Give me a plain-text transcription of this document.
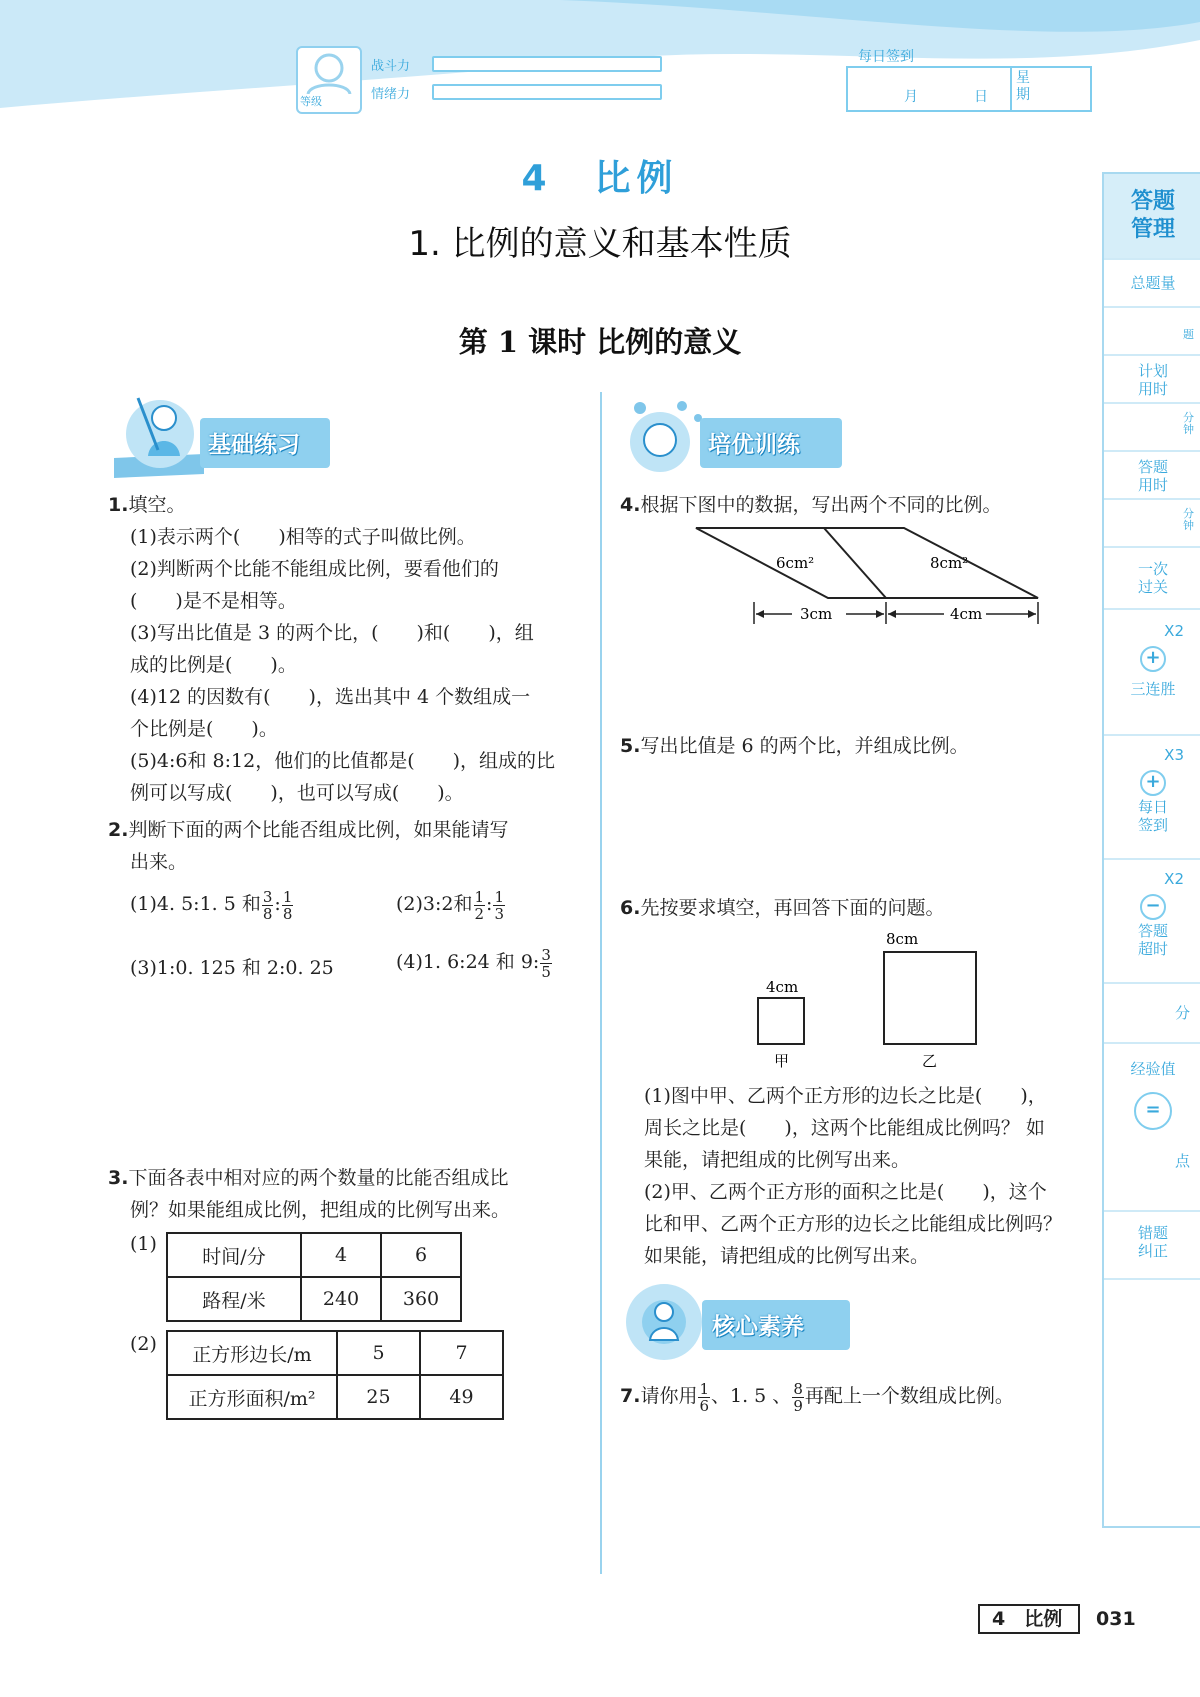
等级
战斗力
情绪力
每日签到
月	日
星
期
4　比例
1. 比例的意义和基本性质
第 1 课时 比例的意义
基础练习
1.填空。
(1)表示两个(　　)相等的式子叫做比例。
(2)判断两个比能不能组成比例，要看他们的
(　　)是不是相等。
(3)写出比值是 3 的两个比，(　　)和(　　)，组
成的比例是(　　)。
(4)12 的因数有(　　)，选出其中 4 个数组成一
个比例是(　　)。
(5)4:6和 8:12，他们的比值都是(　　)，组成的比
例可以写成(　　)，也可以写成(　　)。
2.判断下面的两个比能否组成比例，如果能请写
出来。
(1)4. 5:1. 5 和 $\frac{3}{8}$ : $\frac{1}{8}$	(2)3:2和 $\frac{1}{2}$ : $\frac{1}{3}$
(3)1:0. 125 和 2:0. 25	(4)1. 6:24 和 9: $\frac{3}{5}$
3.下面各表中相对应的两个数量的比能否组成比
例？如果能组成比例，把组成的比例写出来。
(1)
时间/分	4	6
路程/米	240	360
(2) 正方形边长/m	5	7
正方形面积/m²	25	49
培优训练
4.根据下图中的数据，写出两个不同的比例。
6cm²	8cm²
3cm	4cm
5.写出比值是 6 的两个比，并组成比例。
6.先按要求填空，再回答下面的问题。
4cm
甲
8cm
乙
(1)图中甲、乙两个正方形的边长之比是(　　)，
周长之比是(　　)，这两个比能组成比例吗？ 如
果能，请把组成的比例写出来。
(2)甲、乙两个正方形的面积之比是(　　)，这个
比和甲、乙两个正方形的边长之比能组成比例吗？
如果能，请把组成的比例写出来。
核心素养
7.请你用 $\frac{1}{6}$ 、1. 5 、 $\frac{8}{9}$ 再配上一个数组成比例。
答题
管理
总题量
题
计划
用时
分
钟
答题
用时
分
钟
一次
过关
X2
+
三连胜
X3
+
每日
签到
X2
−
答题
超时
分
经验值
=
点
错题
纠正
4　比例	031
